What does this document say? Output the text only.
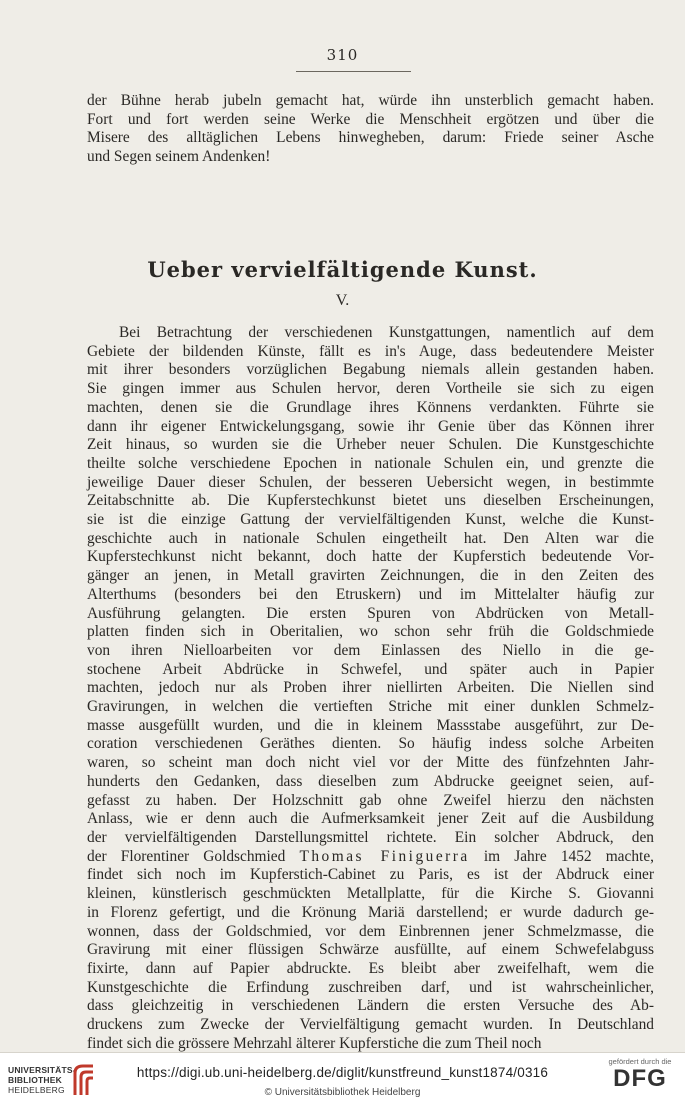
310
der Bühne herab jubeln gemacht hat, würde ihn unsterblich gemacht haben.
Fort und fort werden seine Werke die Menschheit ergötzen und über die
Misere des alltäglichen Lebens hinwegheben, darum: Friede seiner Asche
und Segen seinem Andenken!
Ueber vervielfältigende Kunst.
V.
Bei Betrachtung der verschiedenen Kunstgattungen, namentlich auf dem
Gebiete der bildenden Künste, fällt es in's Auge, dass bedeutendere Meister
mit ihrer besonders vorzüglichen Begabung niemals allein gestanden haben.
Sie gingen immer aus Schulen hervor, deren Vortheile sie sich zu eigen
machten, denen sie die Grundlage ihres Könnens verdankten. Führte sie
dann ihr eigener Entwickelungsgang, sowie ihr Genie über das Können ihrer
Zeit hinaus, so wurden sie die Urheber neuer Schulen. Die Kunstgeschichte
theilte solche verschiedene Epochen in nationale Schulen ein, und grenzte die
jeweilige Dauer dieser Schulen, der besseren Uebersicht wegen, in bestimmte
Zeitabschnitte ab. Die Kupferstechkunst bietet uns dieselben Erscheinungen,
sie ist die einzige Gattung der vervielfältigenden Kunst, welche die Kunst-
geschichte auch in nationale Schulen eingetheilt hat. Den Alten war die
Kupferstechkunst nicht bekannt, doch hatte der Kupferstich bedeutende Vor-
gänger an jenen, in Metall gravirten Zeichnungen, die in den Zeiten des
Alterthums (besonders bei den Etruskern) und im Mittelalter häufig zur
Ausführung gelangten. Die ersten Spuren von Abdrücken von Metall-
platten finden sich in Oberitalien, wo schon sehr früh die Goldschmiede
von ihren Nielloarbeiten vor dem Einlassen des Niello in die ge-
stochene Arbeit Abdrücke in Schwefel, und später auch in Papier
machten, jedoch nur als Proben ihrer niellirten Arbeiten. Die Niellen sind
Gravirungen, in welchen die vertieften Striche mit einer dunklen Schmelz-
masse ausgefüllt wurden, und die in kleinem Massstabe ausgeführt, zur De-
coration verschiedenen Geräthes dienten. So häufig indess solche Arbeiten
waren, so scheint man doch nicht viel vor der Mitte des fünfzehnten Jahr-
hunderts den Gedanken, dass dieselben zum Abdrucke geeignet seien, auf-
gefasst zu haben. Der Holzschnitt gab ohne Zweifel hierzu den nächsten
Anlass, wie er denn auch die Aufmerksamkeit jener Zeit auf die Ausbildung
der vervielfältigenden Darstellungsmittel richtete. Ein solcher Abdruck, den
der Florentiner Goldschmied Thomas Finiguerra im Jahre 1452 machte,
findet sich noch im Kupferstich-Cabinet zu Paris, es ist der Abdruck einer
kleinen, künstlerisch geschmückten Metallplatte, für die Kirche S. Giovanni
in Florenz gefertigt, und die Krönung Mariä darstellend; er wurde dadurch ge-
wonnen, dass der Goldschmied, vor dem Einbrennen jener Schmelzmasse, die
Gravirung mit einer flüssigen Schwärze ausfüllte, auf einem Schwefelabguss
fixirte, dann auf Papier abdruckte. Es bleibt aber zweifelhaft, wem die
Kunstgeschichte die Erfindung zuschreiben darf, und ist wahrscheinlicher,
dass gleichzeitig in verschiedenen Ländern die ersten Versuche des Ab-
druckens zum Zwecke der Vervielfältigung gemacht wurden. In Deutschland
findet sich die grössere Mehrzahl älterer Kupferstiche die zum Theil noch
UNIVERSITÄTS-
BIBLIOTHEK
HEIDELBERG
https://digi.ub.uni-heidelberg.de/diglit/kunstfreund_kunst1874/0316
© Universitätsbibliothek Heidelberg
gefördert durch die
DFG
